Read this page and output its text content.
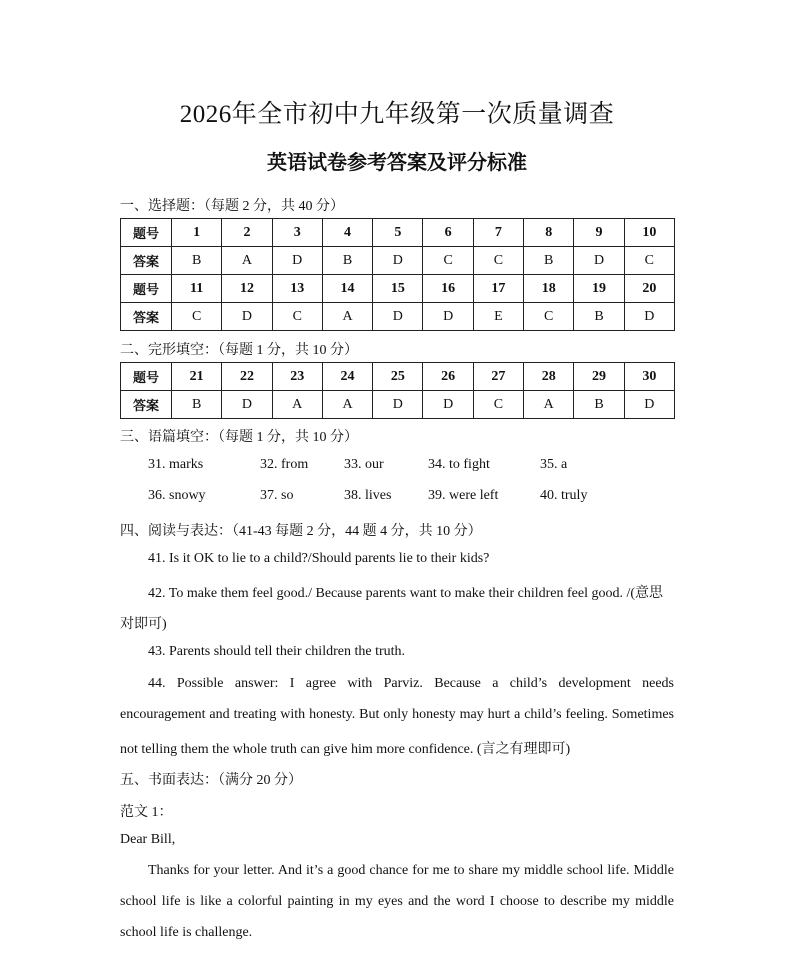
2026年全市初中九年级第一次质量调查
英语试卷参考答案及评分标准
一、选择题：（每题 2 分，共 40 分）
题号	1	2	3	4	5	6	7	8	9	10
答案	B	A	D	B	D	C	C	B	D	C
题号	11	12	13	14	15	16	17	18	19	20
答案	C	D	C	A	D	D	E	C	B	D
二、完形填空：（每题 1 分，共 10 分）
题号	21	22	23	24	25	26	27	28	29	30
答案	B	D	A	A	D	D	C	A	B	D
三、语篇填空：（每题 1 分，共 10 分）
31. marks	32. from	33. our	34. to fight	35. a
36. snowy	37. so	38. lives	39. were left	40. truly
四、阅读与表达：（41-43 每题 2 分，44 题 4 分，共 10 分）
41. Is it OK to lie to a child?/Should parents lie to their kids?
42. To make them feel good./ Because parents want to make their children feel good. /(意思
对即可)
43. Parents should tell their children the truth.
44. Possible answer: I agree with Parviz. Because a child’s development needs
encouragement and treating with honesty. But only honesty may hurt a child’s feeling. Sometimes
not telling them the whole truth can give him more confidence. (言之有理即可)
五、书面表达：（满分 20 分）
范文 1：
Dear Bill,
Thanks for your letter. And it’s a good chance for me to share my middle school life. Middle
school life is like a colorful painting in my eyes and the word I choose to describe my middle
school life is challenge.
